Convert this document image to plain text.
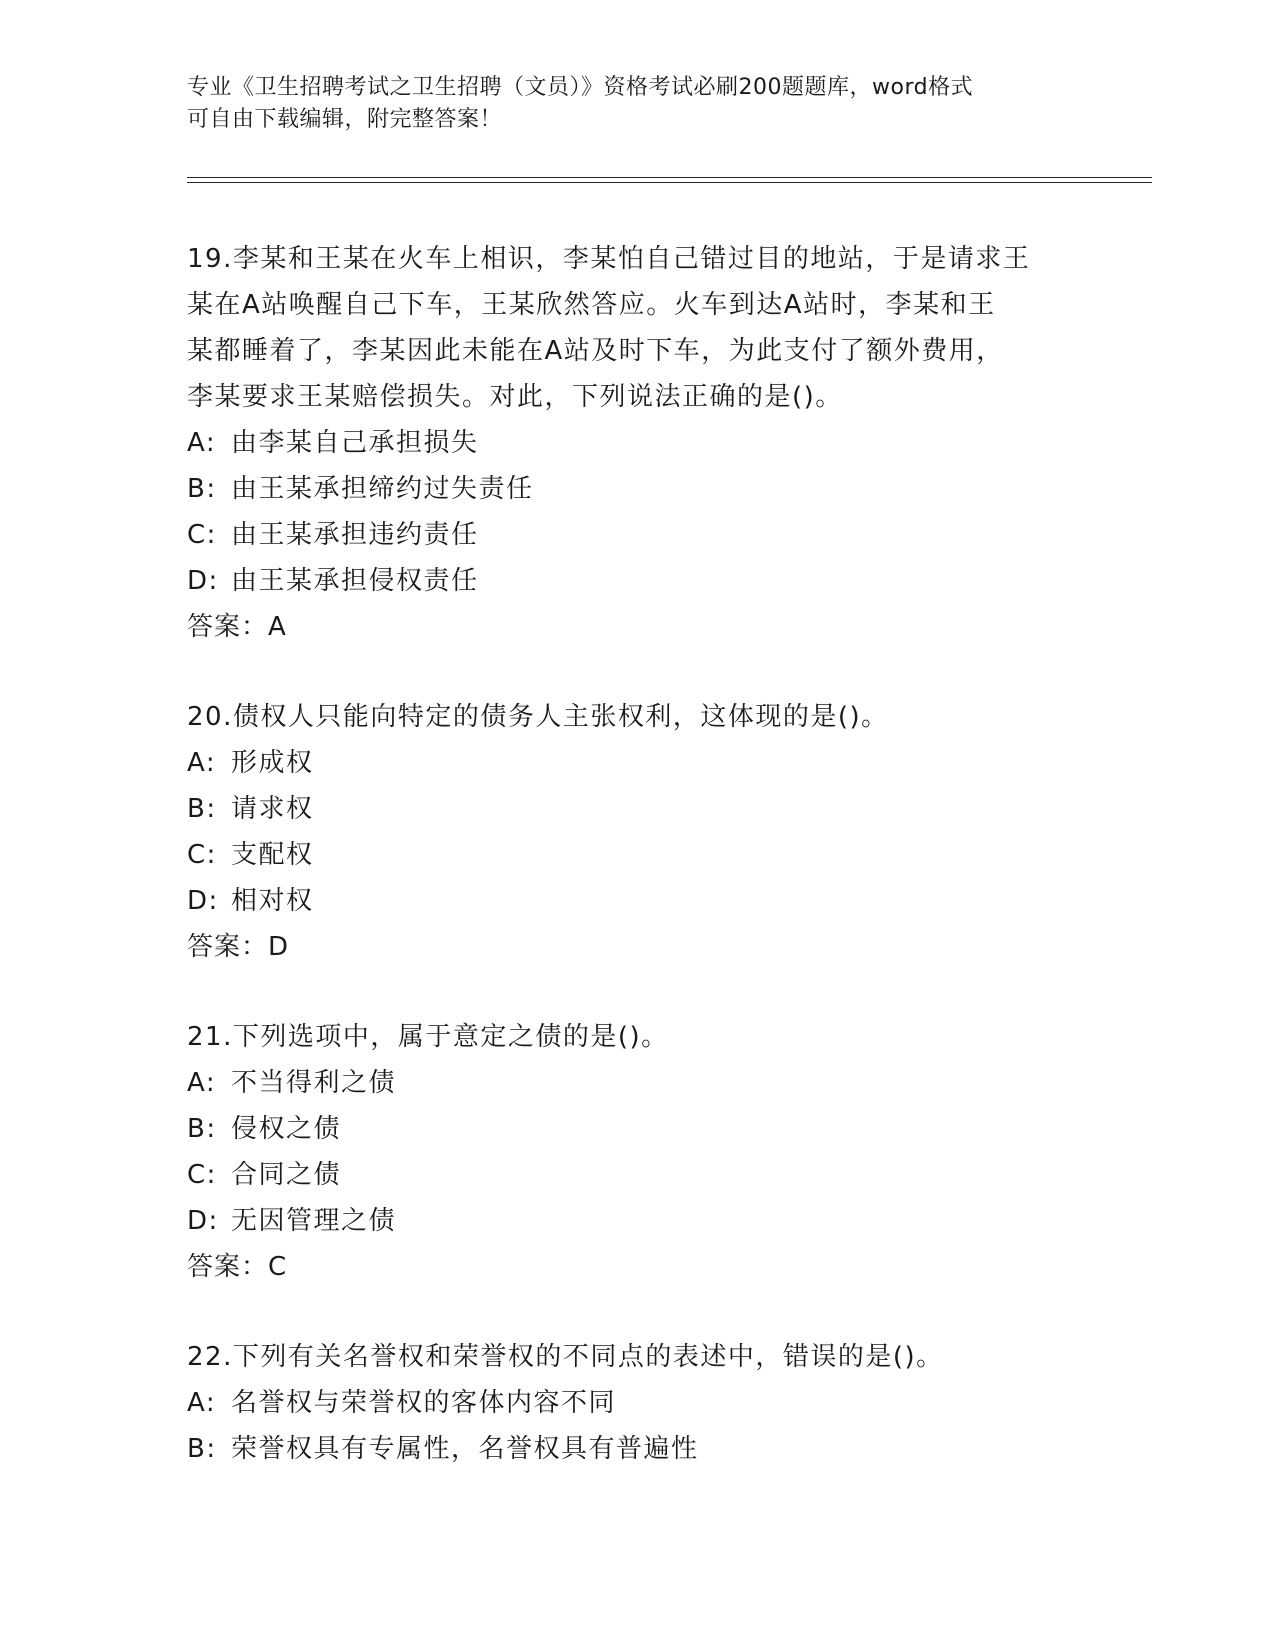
专业《卫生招聘考试之卫生招聘（文员）》资格考试必刷200题题库，word格式
可自由下载编辑，附完整答案！
19.李某和王某在火车上相识，李某怕自己错过目的地站，于是请求王
某在A站唤醒自己下车，王某欣然答应。火车到达A站时，李某和王
某都睡着了，李某因此未能在A站及时下车，为此支付了额外费用，
李某要求王某赔偿损失。对此，下列说法正确的是()。
A: 由李某自己承担损失
B: 由王某承担缔约过失责任
C: 由王某承担违约责任
D: 由王某承担侵权责任
答案：A
20.债权人只能向特定的债务人主张权利，这体现的是()。
A: 形成权
B: 请求权
C: 支配权
D: 相对权
答案：D
21.下列选项中，属于意定之债的是()。
A: 不当得利之债
B: 侵权之债
C: 合同之债
D: 无因管理之债
答案：C
22.下列有关名誉权和荣誉权的不同点的表述中，错误的是()。
A: 名誉权与荣誉权的客体内容不同
B: 荣誉权具有专属性，名誉权具有普遍性
